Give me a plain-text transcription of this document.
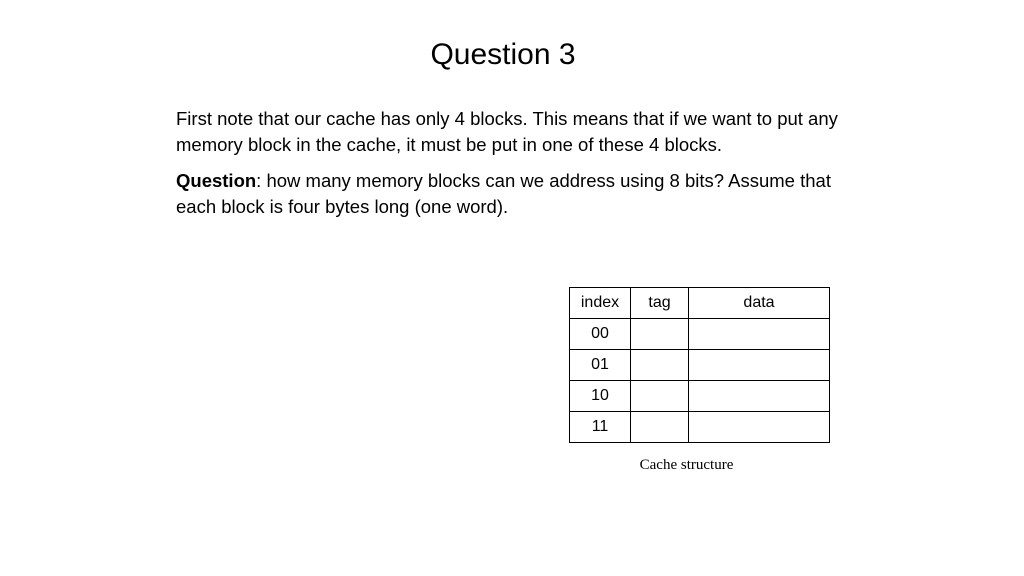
Question 3

First note that our cache has only 4 blocks. This means that if we want to put any memory block in the cache, it must be put in one of these 4 blocks.

Question: how many memory blocks can we address using 8 bits? Assume that each block is four bytes long (one word).

index	tag	data
00		
01		
10		
11		
Cache structure
